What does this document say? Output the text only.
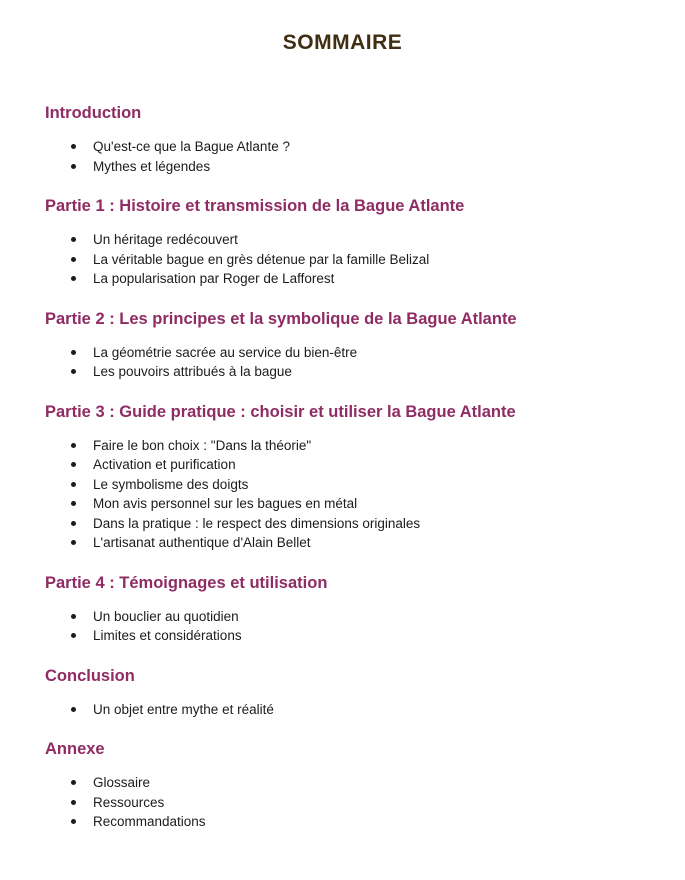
SOMMAIRE
Introduction
Qu'est-ce que la Bague Atlante ?
Mythes et légendes
Partie 1 : Histoire et transmission de la Bague Atlante
Un héritage redécouvert
La véritable bague en grès détenue par la famille Belizal
La popularisation par Roger de Lafforest
Partie 2 : Les principes et la symbolique de la Bague Atlante
La géométrie sacrée au service du bien-être
Les pouvoirs attribués à la bague
Partie 3 : Guide pratique : choisir et utiliser la Bague Atlante
Faire le bon choix : "Dans la théorie"
Activation et purification
Le symbolisme des doigts
Mon avis personnel sur les bagues en métal
Dans la pratique : le respect des dimensions originales
L'artisanat authentique d'Alain Bellet
Partie 4 : Témoignages et utilisation
Un bouclier au quotidien
Limites et considérations
Conclusion
Un objet entre mythe et réalité
Annexe
Glossaire
Ressources
Recommandations
